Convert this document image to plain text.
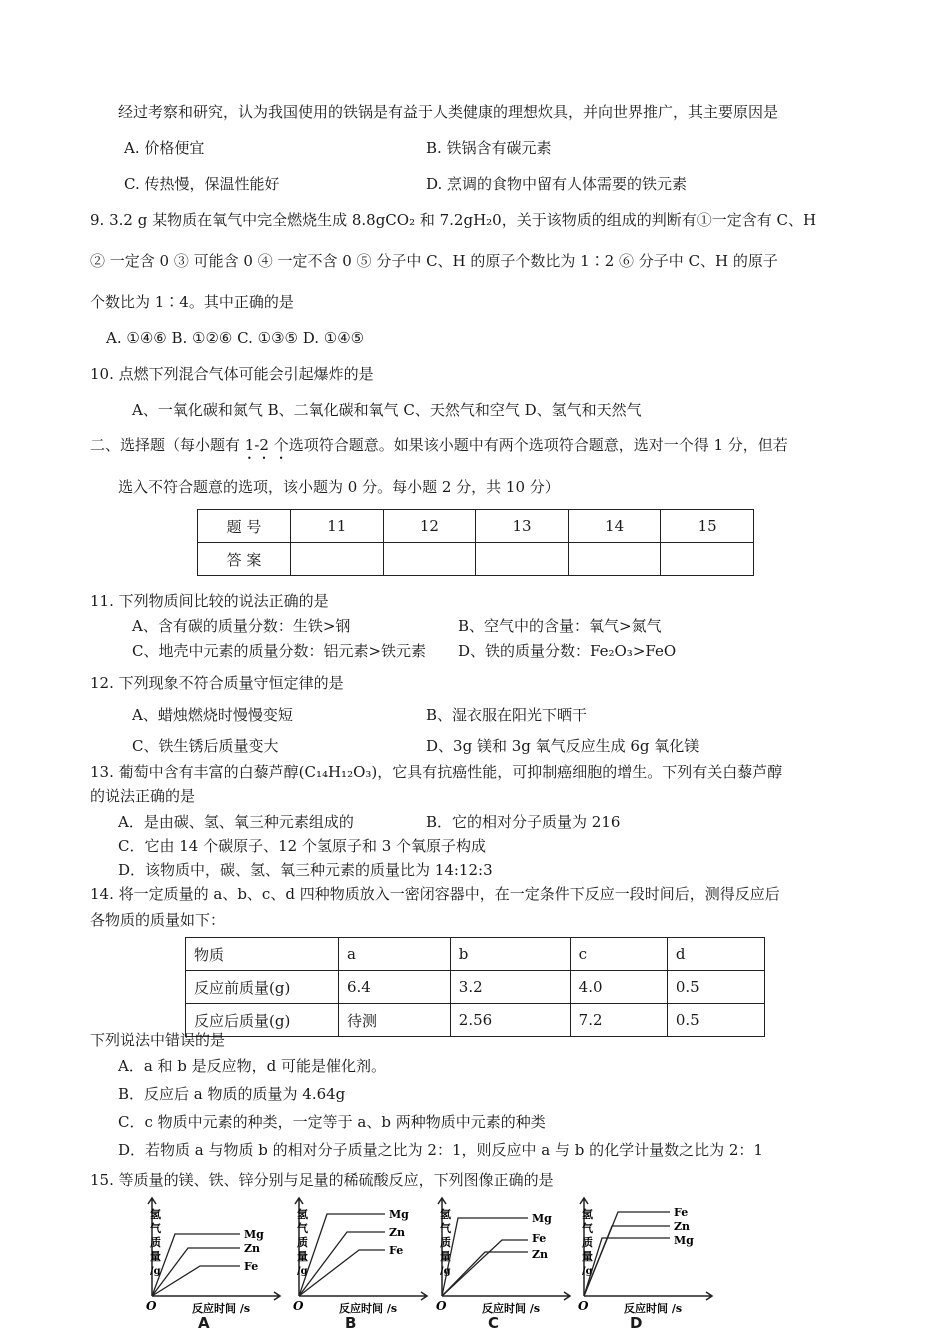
经过考察和研究，认为我国使用的铁锅是有益于人类健康的理想炊具，并向世界推广，其主要原因是
A. 价格便宜	B. 铁锅含有碳元素
C. 传热慢，保温性能好	D. 烹调的食物中留有人体需要的铁元素
9. 3.2 g 某物质在氧气中完全燃烧生成 8.8gCO₂ 和 7.2gH₂0，关于该物质的组成的判断有①一定含有 C、H
② 一定含 0 ③ 可能含 0 ④ 一定不含 0 ⑤ 分子中 C、H 的原子个数比为 1∶2 ⑥ 分子中 C、H 的原子
个数比为 1∶4。其中正确的是
A. ①④⑥ B. ①②⑥ C. ①③⑤ D. ①④⑤
10. 点燃下列混合气体可能会引起爆炸的是
A、一氧化碳和氮气 B、二氧化碳和氧气 C、天然气和空气 D、氢气和天然气
二、选择题（每小题有 1-2 个选项符合题意。如果该小题中有两个选项符合题意，选对一个得 1 分，但若
选入不符合题意的选项，该小题为 0 分。每小题 2 分，共 10 分）
题 号	11	12	13	14	15
答 案					
11. 下列物质间比较的说法正确的是
A、含有碳的质量分数：生铁>钢	B、空气中的含量：氧气>氮气
C、地壳中元素的质量分数：铝元素>铁元素 D、铁的质量分数：Fe₂O₃>FeO
12. 下列现象不符合质量守恒定律的是
A、蜡烛燃烧时慢慢变短	B、湿衣服在阳光下晒干
C、铁生锈后质量变大	D、3g 镁和 3g 氧气反应生成 6g 氧化镁
13. 葡萄中含有丰富的白藜芦醇(C₁₄H₁₂O₃)，它具有抗癌性能，可抑制癌细胞的增生。下列有关白藜芦醇
的说法正确的是
A．是由碳、氢、氧三种元素组成的	B．它的相对分子质量为 216
C．它由 14 个碳原子、12 个氢原子和 3 个氧原子构成
D．该物质中，碳、氢、氧三种元素的质量比为 14:12:3
14. 将一定质量的 a、b、c、d 四种物质放入一密闭容器中，在一定条件下反应一段时间后，测得反应后
各物质的质量如下：
物质	a	b	c	d
反应前质量(g)	6.4	3.2	4.0	0.5
反应后质量(g)	待测	2.56	7.2	0.5
下列说法中错误的是
A．a 和 b 是反应物，d 可能是催化剂。
B．反应后 a 物质的质量为 4.64g
C．c 物质中元素的种类，一定等于 a、b 两种物质中元素的种类
D．若物质 a 与物质 b 的相对分子质量之比为 2：1，则反应中 a 与 b 的化学计量数之比为 2：1
15. 等质量的镁、铁、锌分别与足量的稀硫酸反应，下列图像正确的是
氢
气
质
量
/g
O	反应时间 /s
Mg
Zn
Fe
A
氢
气
质
量
/g
O	反应时间 /s
Mg
Zn
Fe
B
氢
气
质
量
/g
O	反应时间 /s
Mg
Fe
Zn
C
氢
气
质
量
/g
O	反应时间 /s
Fe
Zn
Mg
D
